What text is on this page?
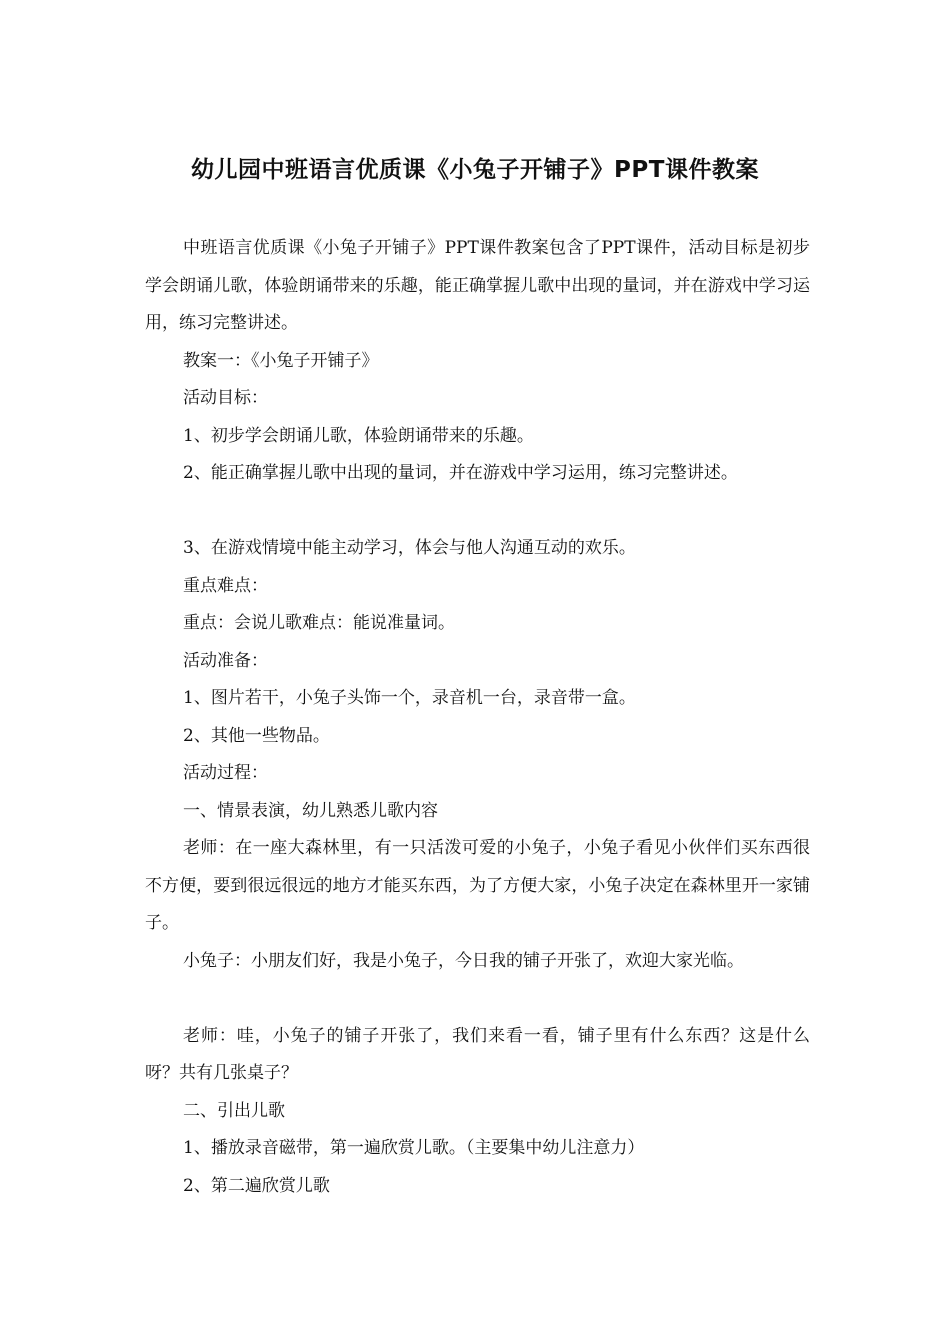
幼儿园中班语言优质课《小兔子开铺子》PPT课件教案

中班语言优质课《小兔子开铺子》PPT课件教案包含了PPT课件，活动目标是初步学会朗诵儿歌，体验朗诵带来的乐趣，能正确掌握儿歌中出现的量词，并在游戏中学习运用，练习完整讲述。

教案一：《小兔子开铺子》

活动目标：

1、初步学会朗诵儿歌，体验朗诵带来的乐趣。

2、能正确掌握儿歌中出现的量词，并在游戏中学习运用，练习完整讲述。

3、在游戏情境中能主动学习，体会与他人沟通互动的欢乐。

重点难点：

重点：会说儿歌难点：能说准量词。

活动准备：

1、图片若干，小兔子头饰一个，录音机一台，录音带一盒。

2、其他一些物品。

活动过程：

一、情景表演，幼儿熟悉儿歌内容

老师：在一座大森林里，有一只活泼可爱的小兔子，小兔子看见小伙伴们买东西很不方便，要到很远很远的地方才能买东西，为了方便大家，小兔子决定在森林里开一家铺子。

小兔子：小朋友们好，我是小兔子，今日我的铺子开张了，欢迎大家光临。

老师：哇，小兔子的铺子开张了，我们来看一看，铺子里有什么东西？这是什么呀？共有几张桌子？

二、引出儿歌

1、播放录音磁带，第一遍欣赏儿歌。（主要集中幼儿注意力）

2、第二遍欣赏儿歌
